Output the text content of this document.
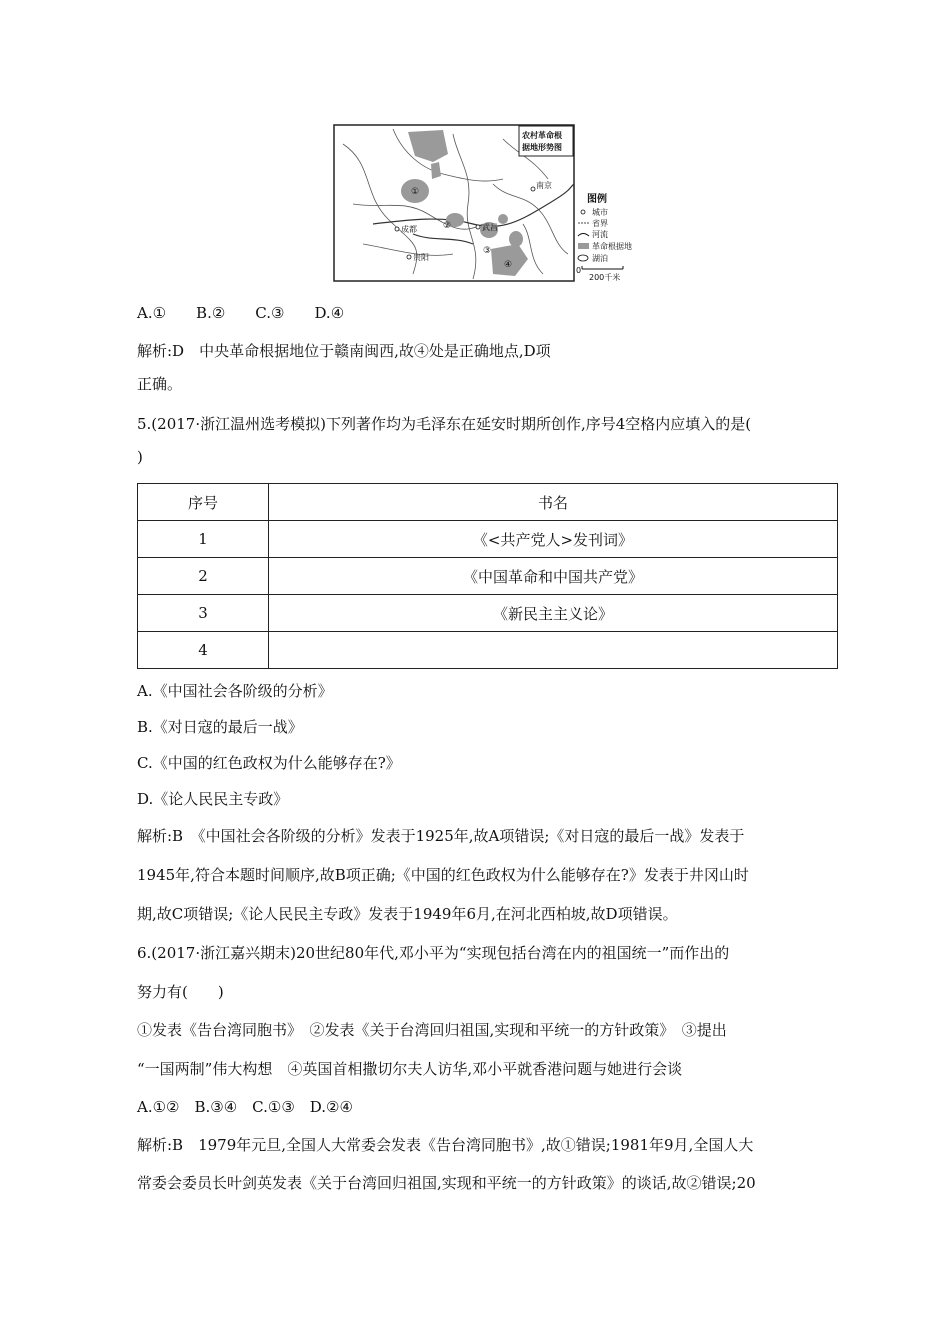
①
②
③
④
成都	武昌
南京
贵阳
农村革命根
据地形势图
图例
城市
省界
河流
革命根据地
湖泊
0
200千米
A.①　　B.②　　C.③　　D.④
解析:D　中央革命根据地位于赣南闽西,故④处是正确地点,D项
正确。
5.(2017·浙江温州选考模拟)下列著作均为毛泽东在延安时期所创作,序号4空格内应填入的是(
)
序号	书名
1	《<共产党人>发刊词》
2	《中国革命和中国共产党》
3	《新民主主义论》
4	
A.《中国社会各阶级的分析》
B.《对日寇的最后一战》
C.《中国的红色政权为什么能够存在?》
D.《论人民民主专政》
解析:B　《中国社会各阶级的分析》发表于1925年,故A项错误;《对日寇的最后一战》发表于
1945年,符合本题时间顺序,故B项正确;《中国的红色政权为什么能够存在?》发表于井冈山时
期,故C项错误;《论人民民主专政》发表于1949年6月,在河北西柏坡,故D项错误。
6.(2017·浙江嘉兴期末)20世纪80年代,邓小平为“实现包括台湾在内的祖国统一”而作出的
努力有(　　)
①发表《告台湾同胞书》　②发表《关于台湾回归祖国,实现和平统一的方针政策》　③提出
“一国两制”伟大构想　④英国首相撒切尔夫人访华,邓小平就香港问题与她进行会谈
A.①②　B.③④　C.①③　D.②④
解析:B　1979年元旦,全国人大常委会发表《告台湾同胞书》,故①错误;1981年9月,全国人大
常委会委员长叶剑英发表《关于台湾回归祖国,实现和平统一的方针政策》的谈话,故②错误;20
